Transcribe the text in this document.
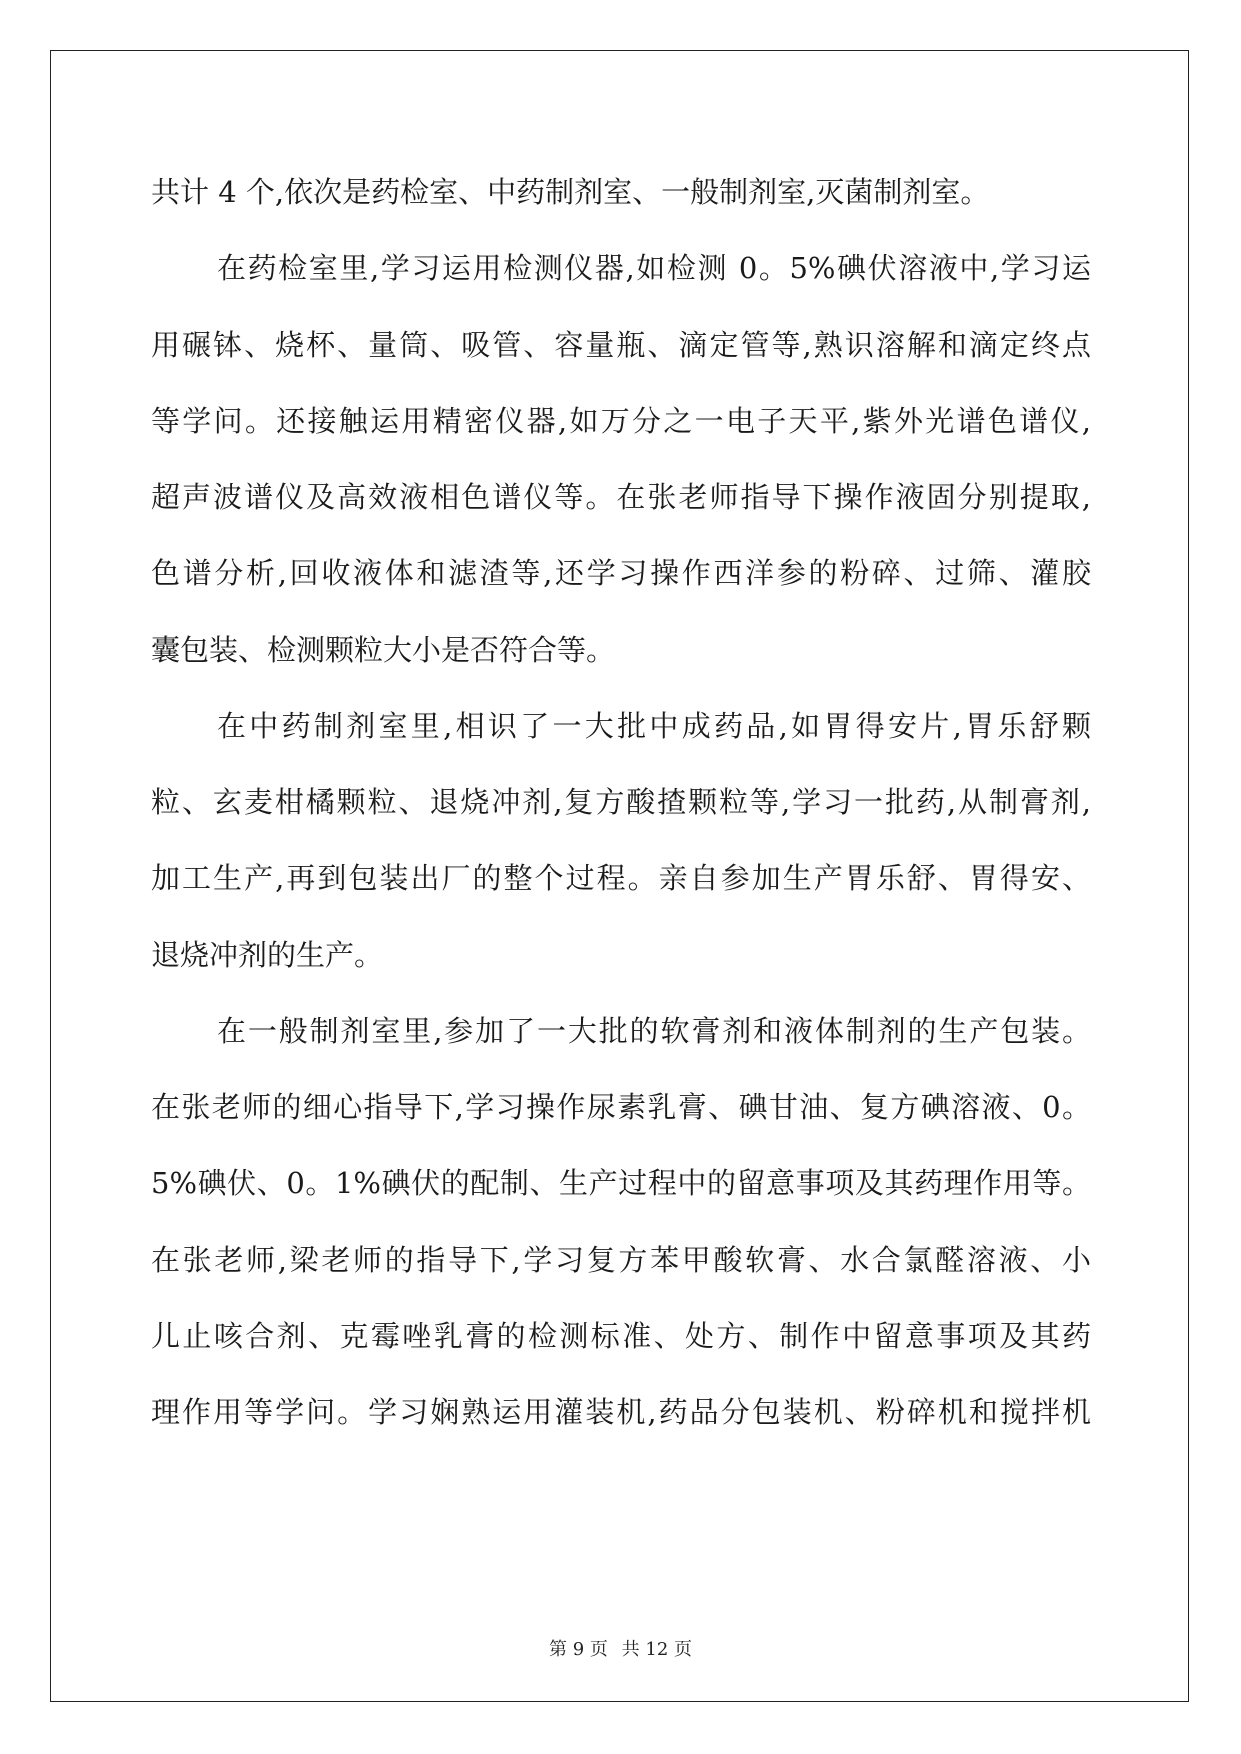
共计 4 个,依次是药检室、中药制剂室、一般制剂室,灭菌制剂室。
在药检室里,学习运用检测仪器,如检测 0。5%碘伏溶液中,学习运
用碾钵、烧杯、量筒、吸管、容量瓶、滴定管等,熟识溶解和滴定终点
等学问。还接触运用精密仪器,如万分之一电子天平,紫外光谱色谱仪,
超声波谱仪及高效液相色谱仪等。在张老师指导下操作液固分别提取,
色谱分析,回收液体和滤渣等,还学习操作西洋参的粉碎、过筛、灌胶
囊包装、检测颗粒大小是否符合等。
在中药制剂室里,相识了一大批中成药品,如胃得安片,胃乐舒颗
粒、玄麦柑橘颗粒、退烧冲剂,复方酸揸颗粒等,学习一批药,从制膏剂,
加工生产,再到包装出厂的整个过程。亲自参加生产胃乐舒、胃得安、
退烧冲剂的生产。
在一般制剂室里,参加了一大批的软膏剂和液体制剂的生产包装。
在张老师的细心指导下,学习操作尿素乳膏、碘甘油、复方碘溶液、0。
5%碘伏、0。1%碘伏的配制、生产过程中的留意事项及其药理作用等。
在张老师,梁老师的指导下,学习复方苯甲酸软膏、水合氯醛溶液、小
儿止咳合剂、克霉唑乳膏的检测标准、处方、制作中留意事项及其药
理作用等学问。学习娴熟运用灌装机,药品分包装机、粉碎机和搅拌机
第 9 页 共 12 页
